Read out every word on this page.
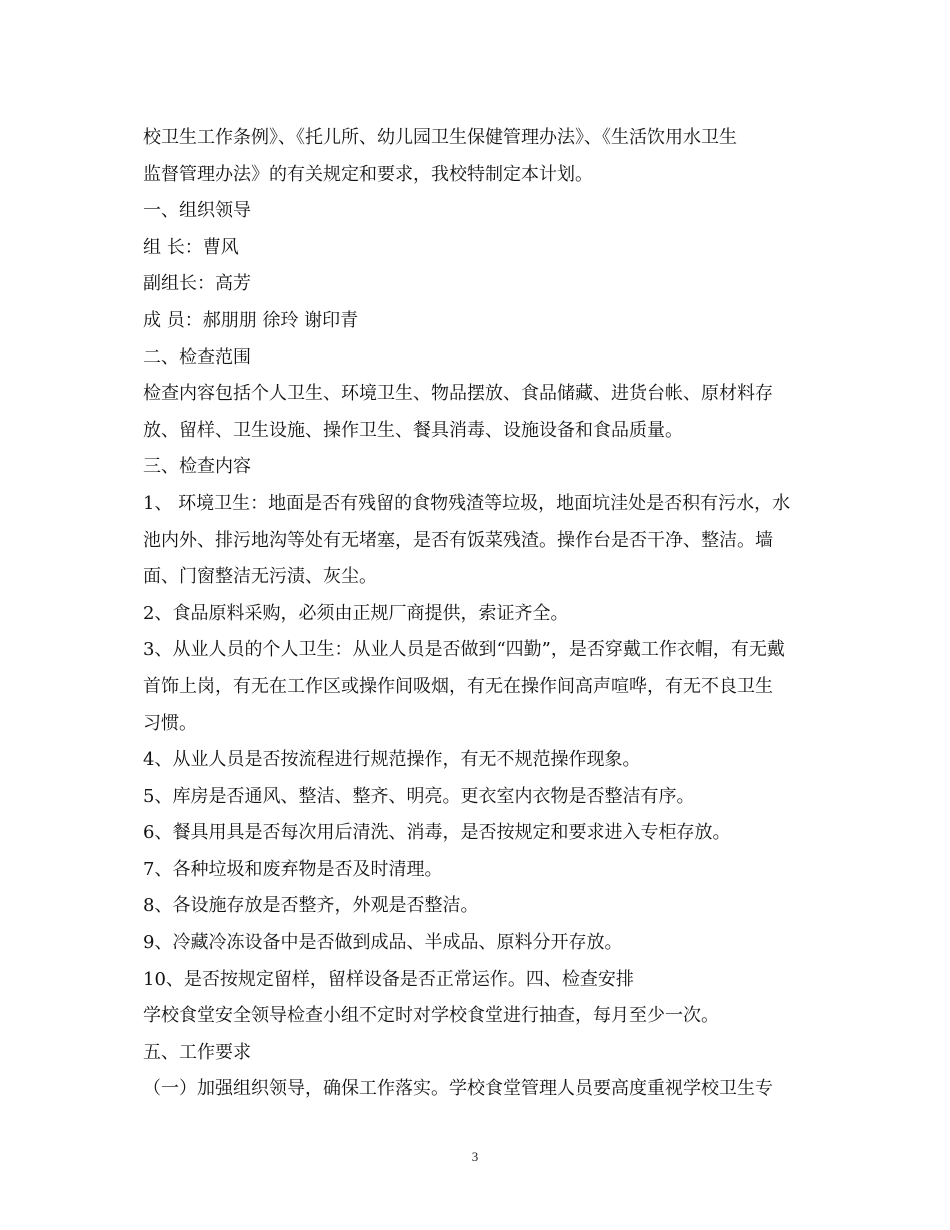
校卫生工作条例》、《托儿所、幼儿园卫生保健管理办法》、《生活饮用水卫生
监督管理办法》的有关规定和要求，我校特制定本计划。
一、组织领导
组 长：曹风
副组长：高芳
成 员：郝朋朋 徐玲 谢印青
二、检查范围
检查内容包括个人卫生、环境卫生、物品摆放、食品储藏、进货台帐、原材料存
放、留样、卫生设施、操作卫生、餐具消毒、设施设备和食品质量。
三、检查内容
1、 环境卫生：地面是否有残留的食物残渣等垃圾，地面坑洼处是否积有污水，水
池内外、排污地沟等处有无堵塞，是否有饭菜残渣。操作台是否干净、整洁。墙
面、门窗整洁无污渍、灰尘。
2、食品原料采购，必须由正规厂商提供，索证齐全。
3、从业人员的个人卫生：从业人员是否做到“四勤”，是否穿戴工作衣帽，有无戴
首饰上岗，有无在工作区或操作间吸烟，有无在操作间高声喧哗，有无不良卫生
习惯。
4、从业人员是否按流程进行规范操作，有无不规范操作现象。
5、库房是否通风、整洁、整齐、明亮。更衣室内衣物是否整洁有序。
6、餐具用具是否每次用后清洗、消毒，是否按规定和要求进入专柜存放。
7、各种垃圾和废弃物是否及时清理。
8、各设施存放是否整齐，外观是否整洁。
9、冷藏冷冻设备中是否做到成品、半成品、原料分开存放。
10、是否按规定留样，留样设备是否正常运作。四、检查安排
学校食堂安全领导检查小组不定时对学校食堂进行抽查，每月至少一次。
五、工作要求
（一）加强组织领导，确保工作落实。学校食堂管理人员要高度重视学校卫生专
3
